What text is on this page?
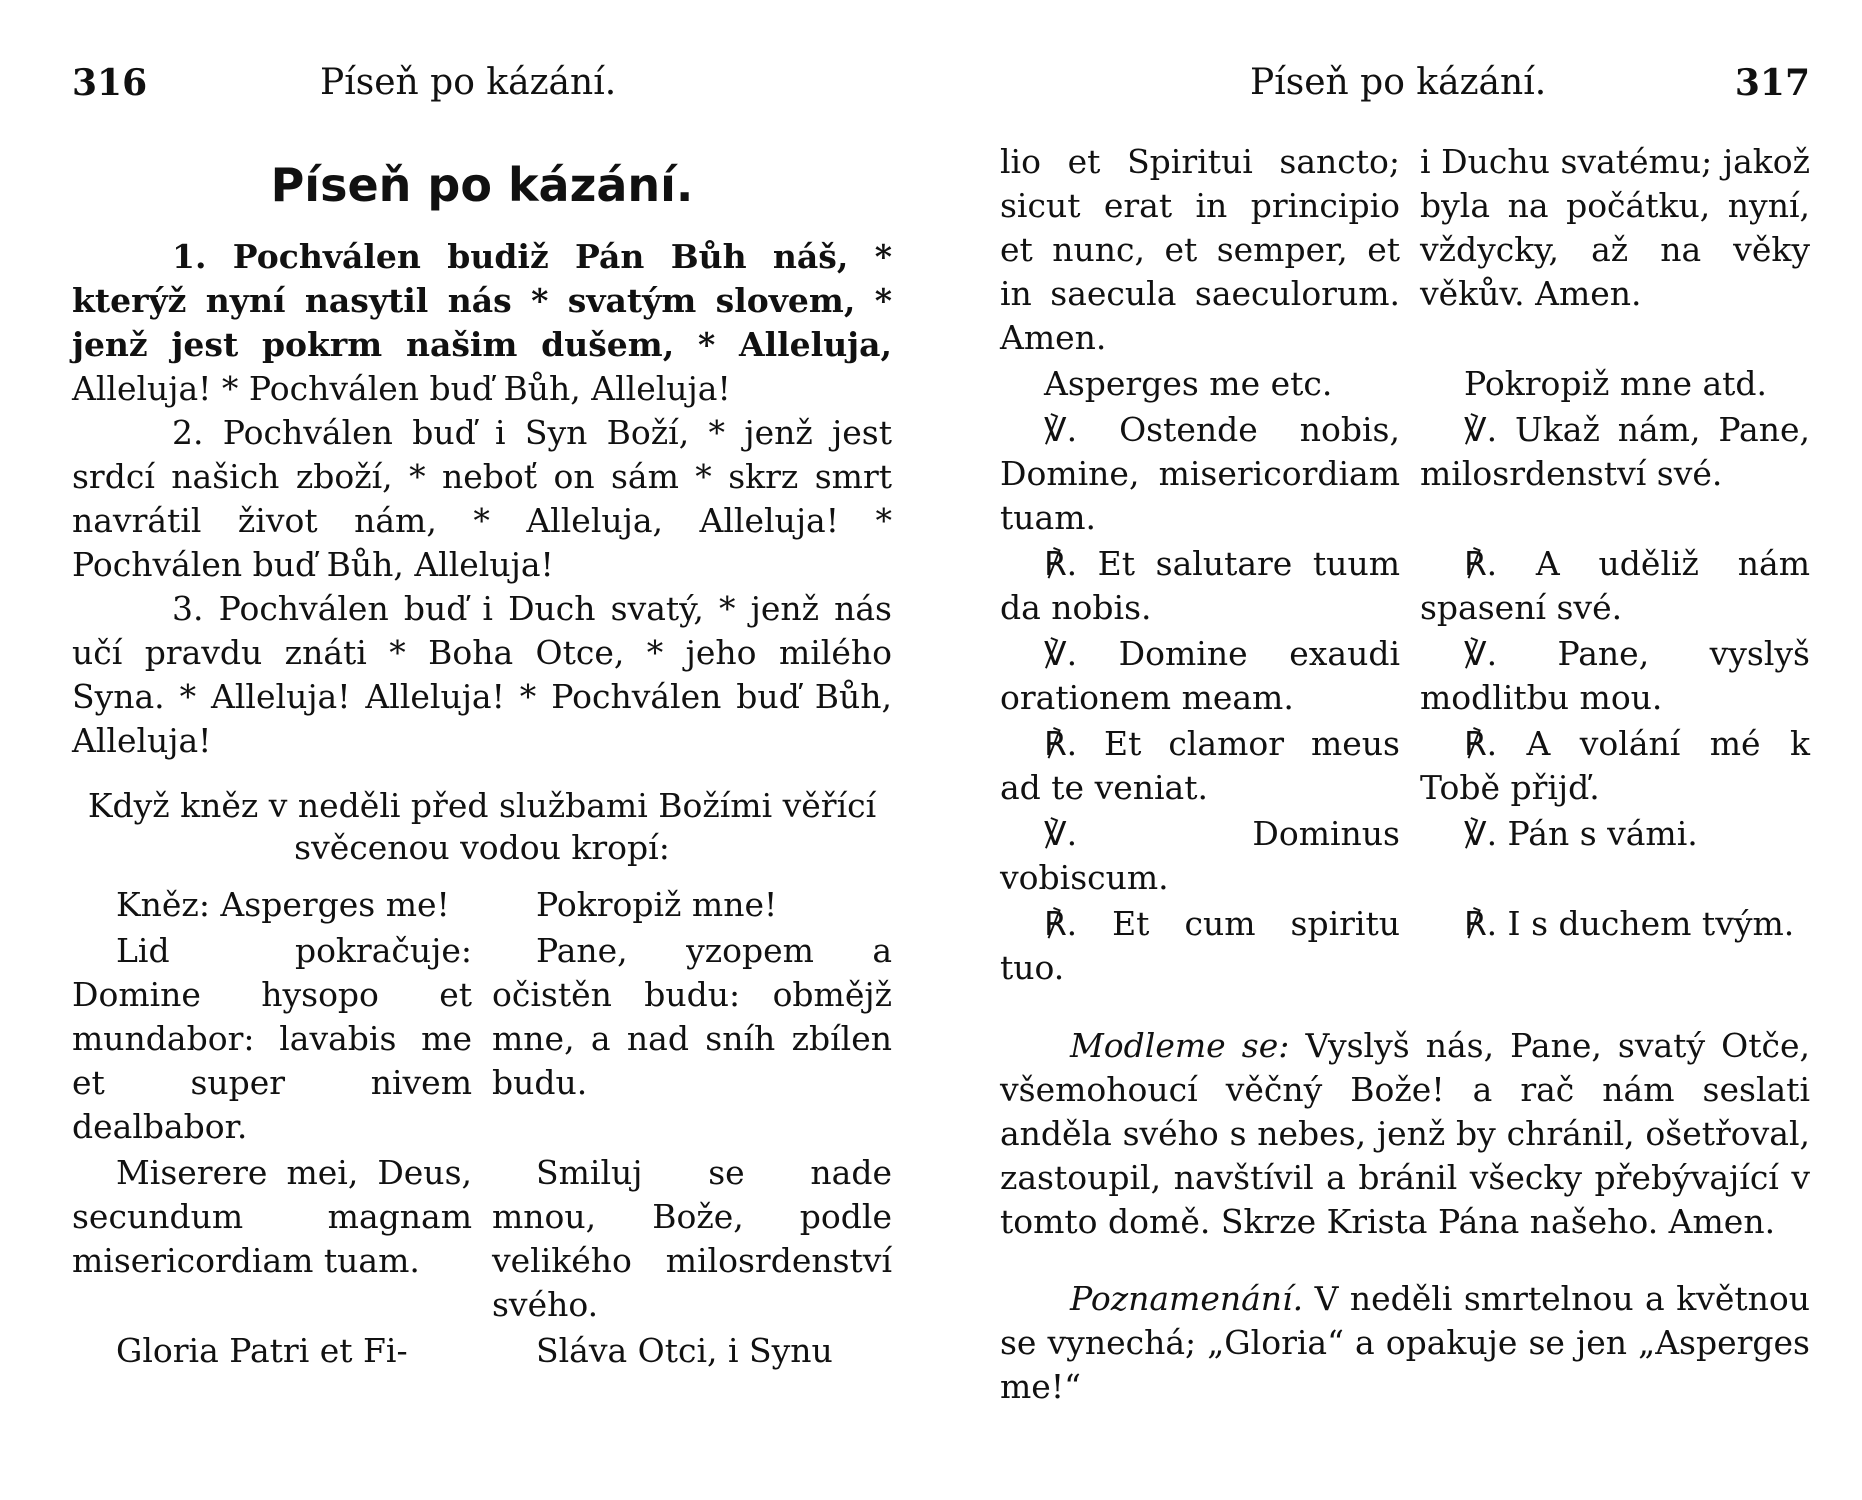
316	Píseň po kázání.
Píseň po kázání.

1. Pochválen budiž Pán Bůh náš, * kterýž nyní nasytil nás * svatým slovem, * jenž jest pokrm našim dušem, * Alleluja, Alleluja! * Pochválen buď Bůh, Alleluja!

2. Pochválen buď i Syn Boží, * jenž jest srdcí našich zboží, * neboť on sám * skrz smrt navrátil život nám, * Alleluja, Alleluja! * Pochválen buď Bůh, Alleluja!

3. Pochválen buď i Duch svatý, * jenž nás učí pravdu znáti * Boha Otce, * jeho milého Syna. * Alleluja! Alleluja! * Pochválen buď Bůh, Alleluja!

Když kněz v neděli před službami Božími věřící svěcenou vodou kropí:
Kněz: Asperges me!	Pokropiž mne!
Lid pokračuje: Domine hysopo et mundabor: lavabis me et super nivem dealbabor.	Pane, yzopem a očistěn budu: obmějž mne, a nad sníh zbílen budu.
Miserere mei, Deus, secundum magnam misericordiam tuam.	Smiluj se nade mnou, Bože, podle velikého milosrdenství svého.
Gloria Patri et Fi-	Sláva Otci, i Synu
Píseň po kázání.	317
lio et Spiritui sancto; sicut erat in principio et nunc, et semper, et in saecula saeculorum. Amen.	i Duchu svatému; jakož byla na počátku, nyní, vždycky, až na věky věkův. Amen.
Asperges me etc.	Pokropiž mne atd.
℣. Ostende nobis, Domine, misericordiam tuam.	℣. Ukaž nám, Pane, milosrdenství své.
℟. Et salutare tuum da nobis.	℟. A uděliž nám spasení své.
℣. Domine exaudi orationem meam.	℣. Pane, vyslyš modlitbu mou.
℟. Et clamor meus ad te veniat.	℟. A volání mé k Tobě přijď.
℣. Dominus vobiscum.	℣. Pán s vámi.
℟. Et cum spiritu tuo.	℟. I s duchem tvým.

Modleme se: Vyslyš nás, Pane, svatý Otče, všemohoucí věčný Bože! a rač nám seslati anděla svého s nebes, jenž by chránil, ošetřoval, zastoupil, navštívil a bránil všecky přebývající v tomto domě. Skrze Krista Pána našeho. Amen.

Poznamenání. V neděli smrtelnou a květnou se vynechá; „Gloria“ a opakuje se jen „Asperges me!“
